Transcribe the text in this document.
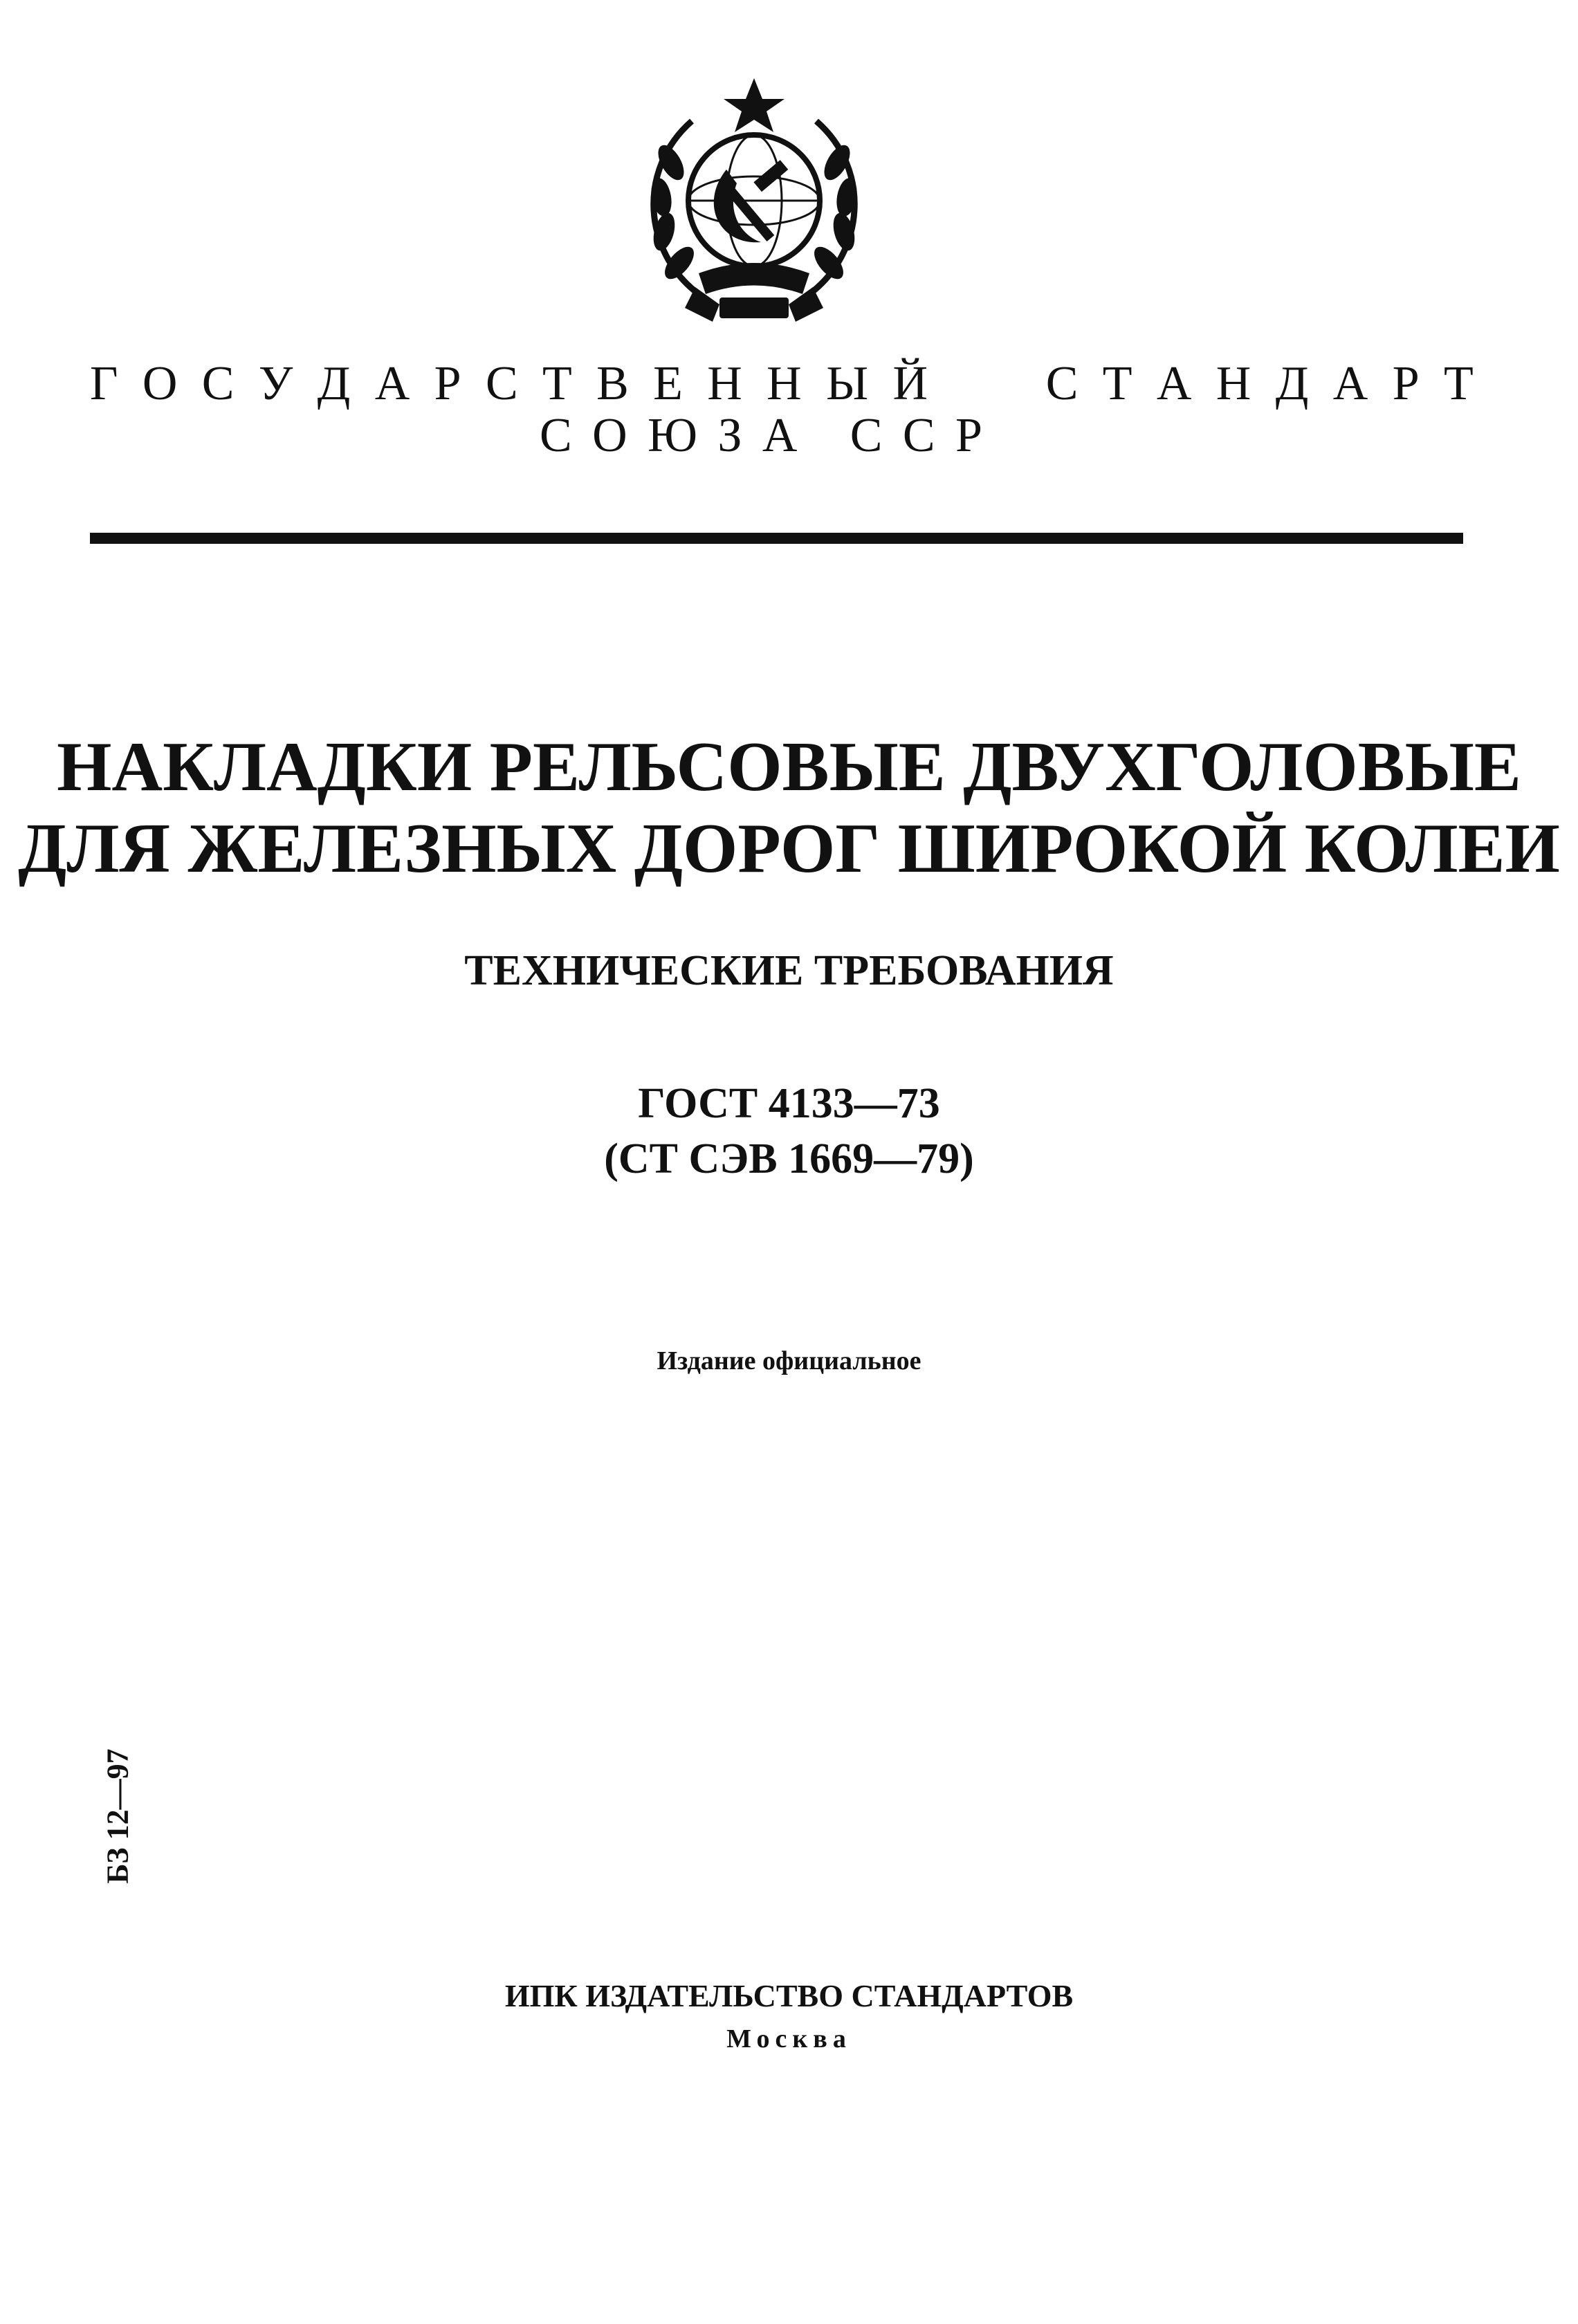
Г О С У Д А Р С Т В Е Н Н Ы Й С Т А Н Д А Р Т
С О Ю З А
С С Р
НАКЛАДКИ РЕЛЬСОВЫЕ ДВУХГОЛОВЫЕ
ДЛЯ ЖЕЛЕЗНЫХ ДОРОГ ШИРОКОЙ КОЛЕИ
ТЕХНИЧЕСКИЕ ТРЕБОВАНИЯ
ГОСТ 4133—73
(СТ СЭВ 1669—79)
Издание официальное
БЗ 12—97
ИПК ИЗДАТЕЛЬСТВО СТАНДАРТОВ
Москва
